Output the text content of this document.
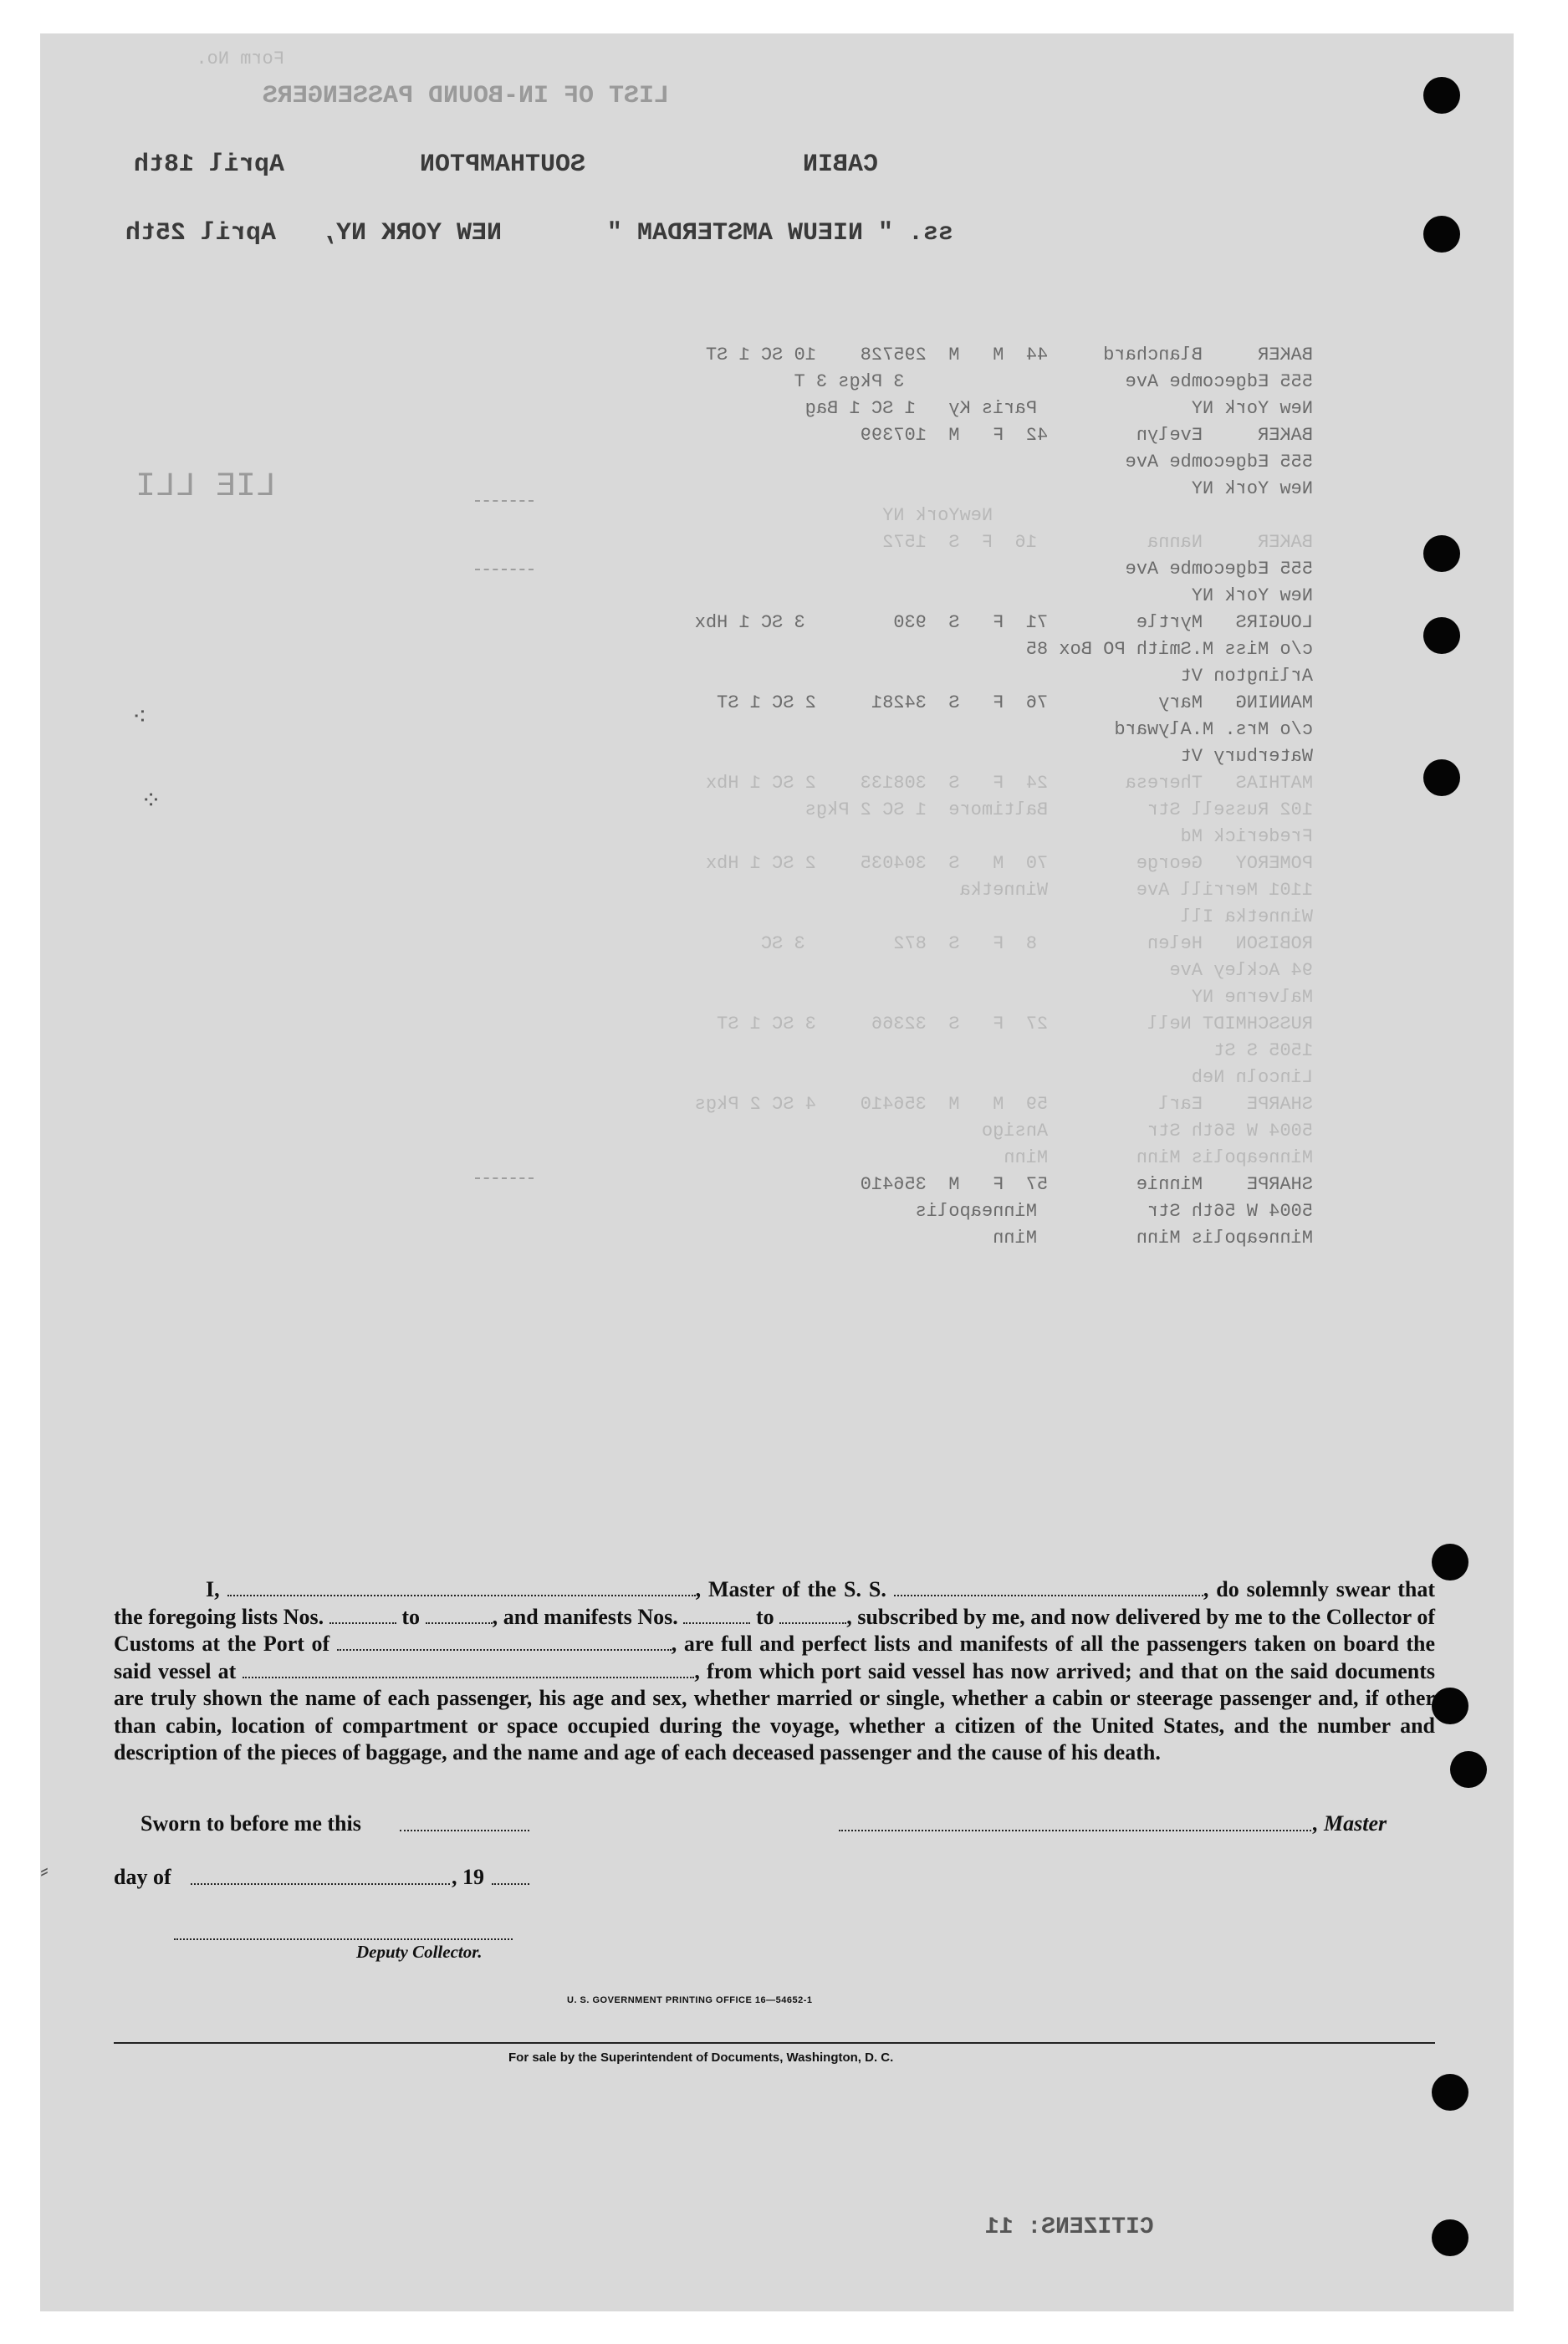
Form No.
LIST OF IN-BOUND PASSENGERS
CABIN
SOUTHAMPTON
April 18th
ss. " NIEUW AMSTERDAM "
NEW YORK NY,
April 25th
LIE LLI
BAKER     Blanchard     44  M   M  295728    10 SC 1 ST
555 Edgecombe Ave                    3 Pkgs 3 T
New York NY              Paris Ky   1 SC 1 Bag
BAKER     Evelyn        42  F   M  107399
555 Edgecombe Ave
New York NY
NewYork NY
BAKER     Nanna          16  F  S  1572
555 Edgecombe Ave
New York NY
LOUGIRS   Myrtle        71  F   S  930        3 SC 1 Hbx
c/o Miss M.Smith PO Box 85
Arlington Vt
MANNING   Mary          76  F   S  34281     2 SC 1 ST
c/o Mrs. M.Alyward
Waterbury Vt
MATHIAS   Theresa       24  F   S  308133    2 SC 1 Hbx
102 Russell Str         Baltimore  1 SC 2 Pkgs
Frederick Md
POMEROY   George        70  M   S  304035    2 SC 1 Hbx
1101 Merrill Ave        Winnetka
Winnetka Ill
ROBISON   Helen          8  F   S  872        3 SC
94 Ackley Ave
Malverne NY
RUSSCHMIDT Nell         27  F   S  32366     3 SC 1 ST
1505 S St
Lincoln Neb
SHARPE    Earl          59  M   M  356410    4 SC 2 Pkgs
5004 W 56th Str         Ansigo
Minneapolis Minn        Minn
SHARPE    Minnie        57  F   M  356410
5004 W 56th Str          Minneapolis
Minneapolis Minn         Minn
I,	, Master of the S. S.	, do solemnly swear that the foregoing lists Nos.	to	, and manifests Nos.	to	, subscribed by me, and now delivered by me to the Collector of Customs at the Port of	, are full and perfect lists and manifests of all the passengers taken on board the said vessel at	, from which port said vessel has now arrived; and that on the said documents are truly shown the name of each passenger, his age and sex, whether married or single, whether a cabin or steerage passenger and, if other than cabin, location of compartment or space occupied during the voyage, whether a citizen of the United States, and the number and description of the pieces of baggage, and the name and age of each deceased passenger and the cause of his death.
Sworn to before me this	, Master
day of	, 19
Deputy Collector.
U. S. GOVERNMENT PRINTING OFFICE 16—54652-1
For sale by the Superintendent of Documents, Washington, D. C.
CITIZENS: 11
⁖
⁘
⸗
